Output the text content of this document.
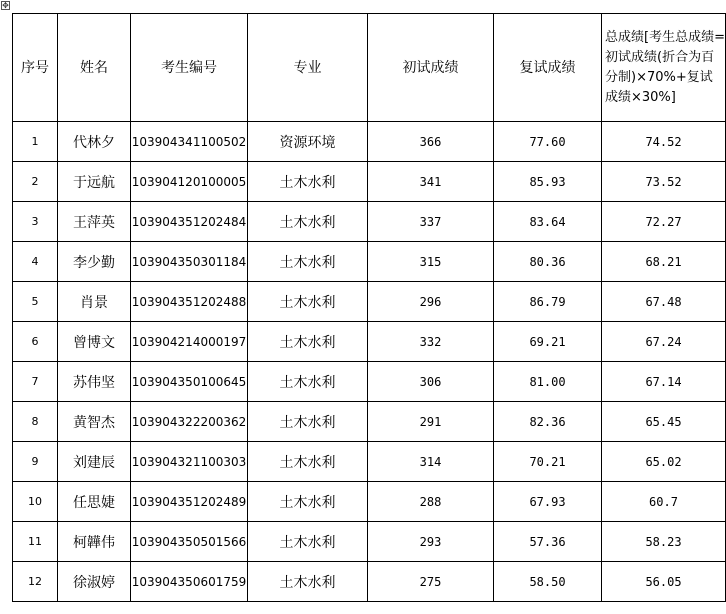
✥
序号	姓名	考生编号	专业	初试成绩	复试成绩	总成绩[考生总成绩=初试成绩(折合为百分制)×70%+复试成绩×30%]
1	代林夕	103904341100502	资源环境	366	77.60	74.52
2	于远航	103904120100005	土木水利	341	85.93	73.52
3	王萍英	103904351202484	土木水利	337	83.64	72.27
4	李少勤	103904350301184	土木水利	315	80.36	68.21
5	肖景	103904351202488	土木水利	296	86.79	67.48
6	曾博文	103904214000197	土木水利	332	69.21	67.24
7	苏伟坚	103904350100645	土木水利	306	81.00	67.14
8	黄智杰	103904322200362	土木水利	291	82.36	65.45
9	刘建辰	103904321100303	土木水利	314	70.21	65.02
10	任思婕	103904351202489	土木水利	288	67.93	60.7
11	柯韡伟	103904350501566	土木水利	293	57.36	58.23
12	徐淑婷	103904350601759	土木水利	275	58.50	56.05
